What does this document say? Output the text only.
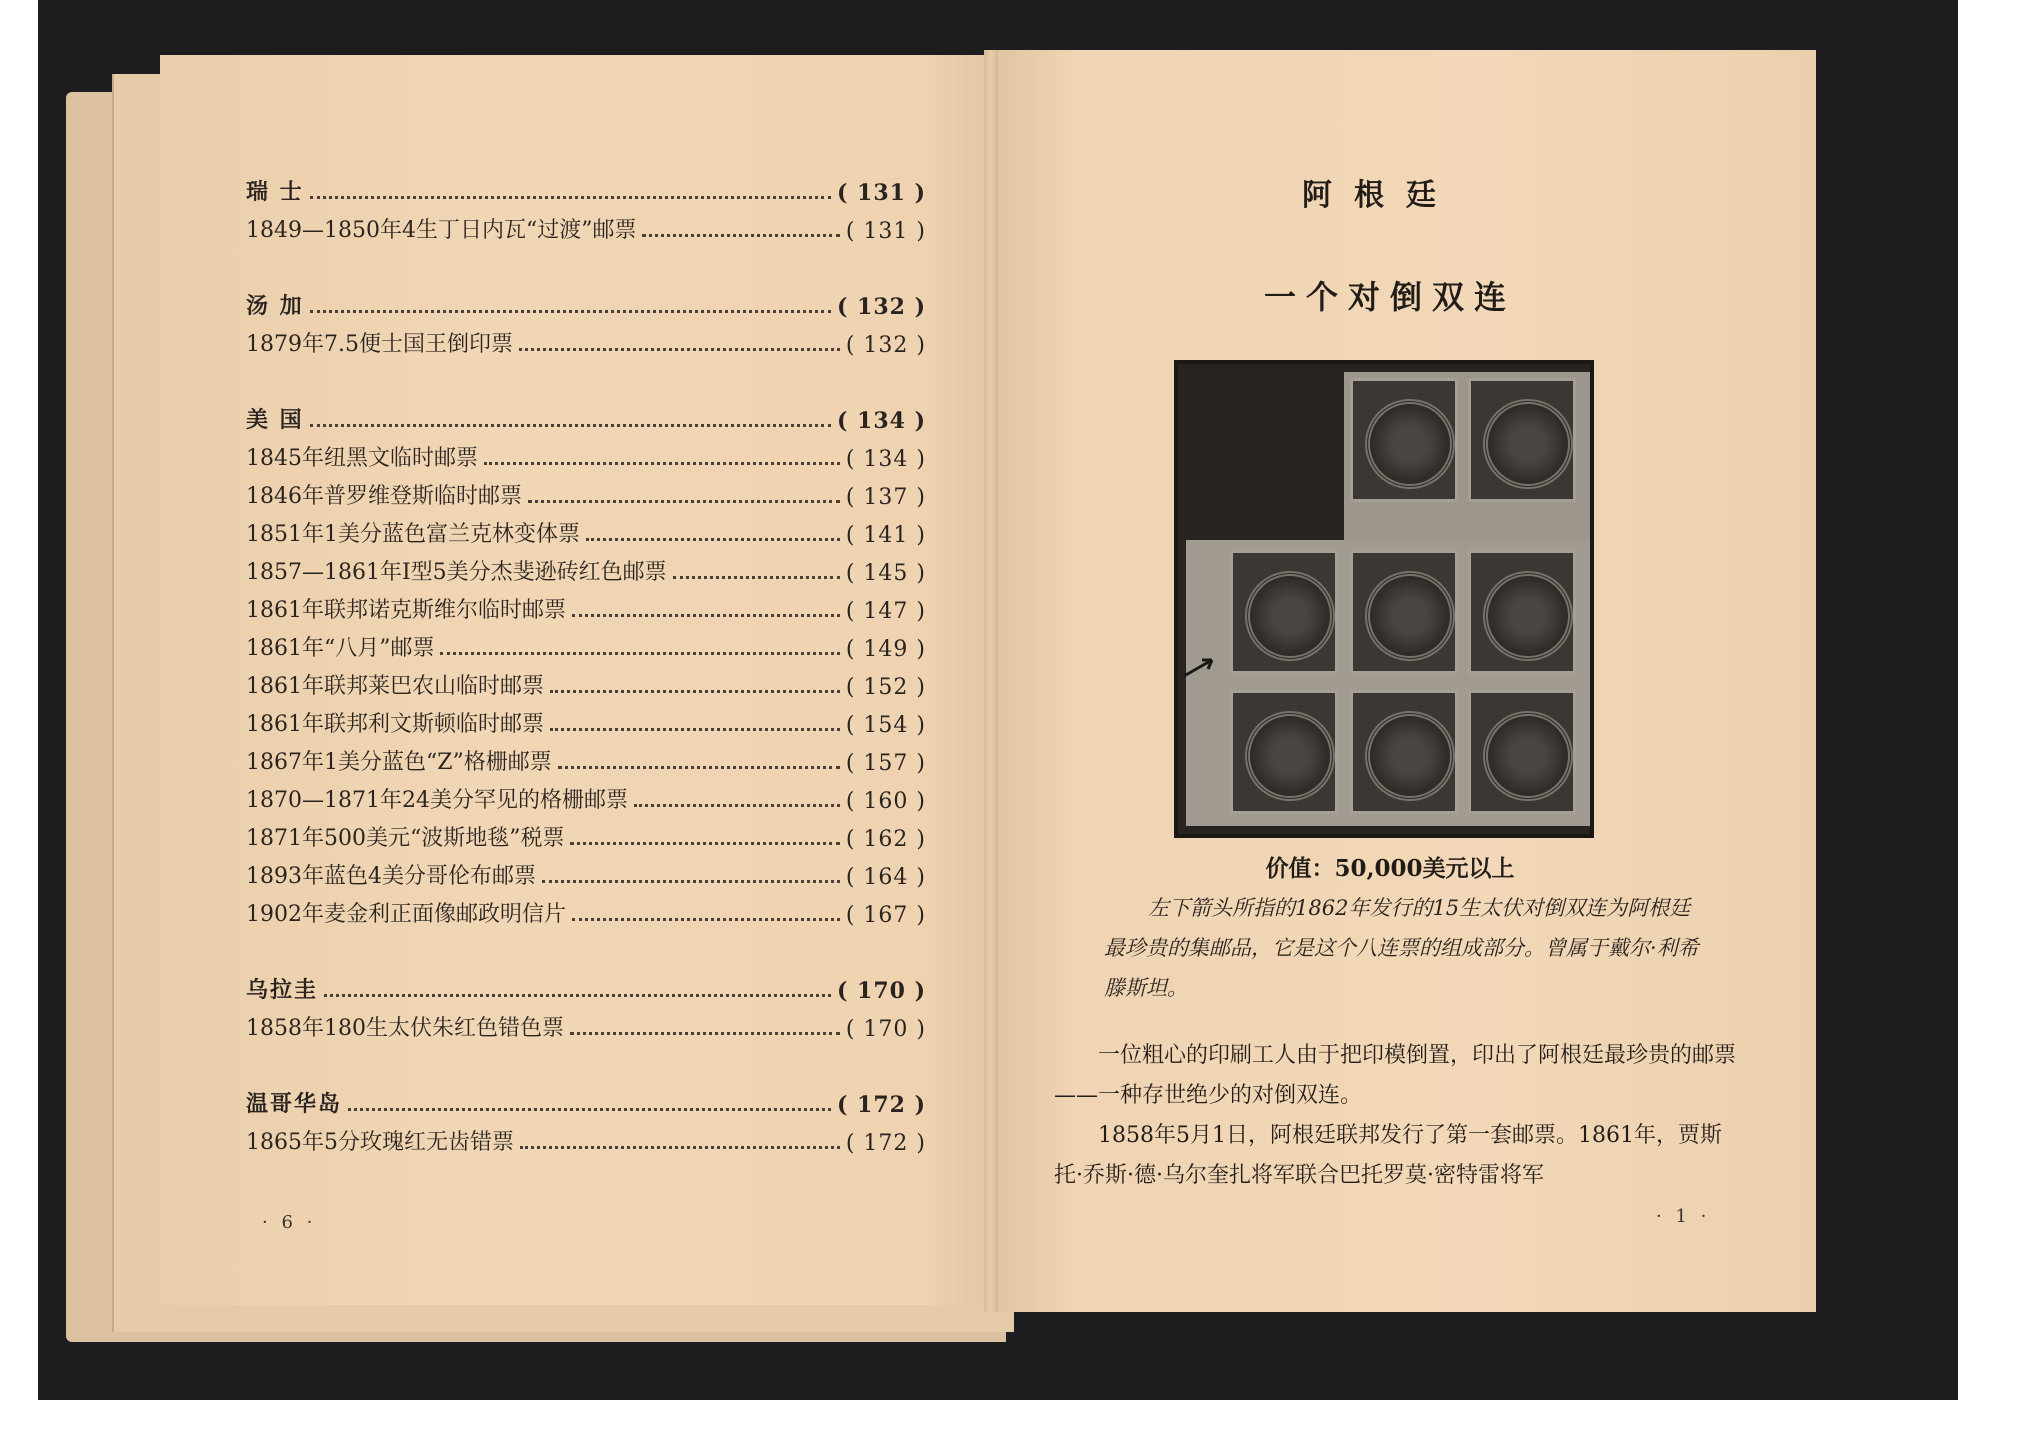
瑞 士	( 131 )
1849—1850年4生丁日内瓦“过渡”邮票	( 131 )
汤 加	( 132 )
1879年7.5便士国王倒印票	( 132 )
美 国	( 134 )
1845年纽黑文临时邮票	( 134 )
1846年普罗维登斯临时邮票	( 137 )
1851年1美分蓝色富兰克林变体票	( 141 )
1857—1861年I型5美分杰斐逊砖红色邮票	( 145 )
1861年联邦诺克斯维尔临时邮票	( 147 )
1861年“八月”邮票	( 149 )
1861年联邦莱巴农山临时邮票	( 152 )
1861年联邦利文斯顿临时邮票	( 154 )
1867年1美分蓝色“Z”格栅邮票	( 157 )
1870—1871年24美分罕见的格栅邮票	( 160 )
1871年500美元“波斯地毯”税票	( 162 )
1893年蓝色4美分哥伦布邮票	( 164 )
1902年麦金利正面像邮政明信片	( 167 )
乌拉圭	( 170 )
1858年180生太伏朱红色错色票	( 170 )
温哥华岛	( 172 )
1865年5分玫瑰红无齿错票	( 172 )
· 6 ·
阿根廷
一个对倒双连
价值：50,000美元以上
左下箭头所指的1862年发行的15生太伏对倒双连为阿根廷最珍贵的集邮品，它是这个八连票的组成部分。曾属于戴尔·利希滕斯坦。

一位粗心的印刷工人由于把印模倒置，印出了阿根廷最珍贵的邮票——一种存世绝少的对倒双连。

1858年5月1日，阿根廷联邦发行了第一套邮票。1861年，贾斯托·乔斯·德·乌尔奎扎将军联合巴托罗莫·密特雷将军

· 1 ·
